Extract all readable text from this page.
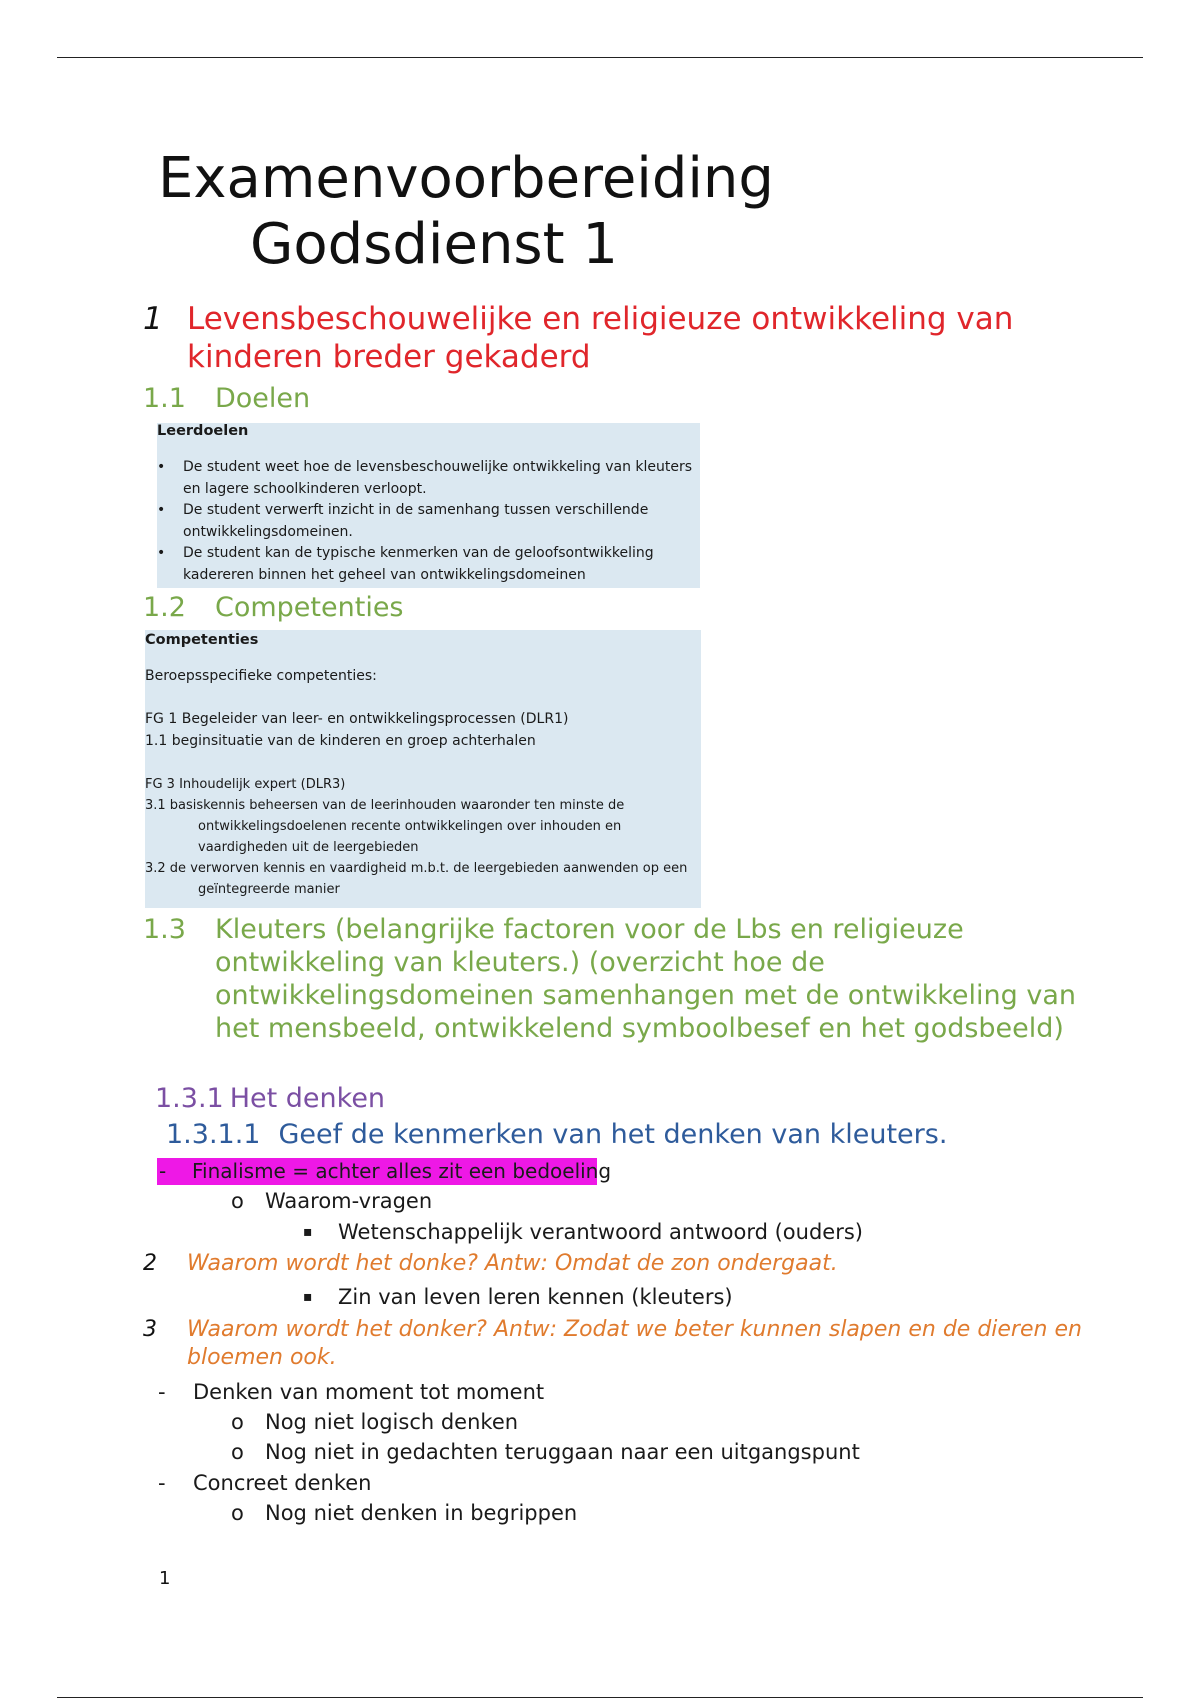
Examenvoorbereiding
Godsdienst 1
1 Levensbeschouwelijke en religieuze ontwikkeling van kinderen breder gekaderd
1.1 Doelen
Leerdoelen
• De student weet hoe de levensbeschouwelijke ontwikkeling van kleuters en lagere schoolkinderen verloopt.
• De student verwerft inzicht in de samenhang tussen verschillende ontwikkelingsdomeinen.
• De student kan de typische kenmerken van de geloofsontwikkeling kadereren binnen het geheel van ontwikkelingsdomeinen
1.2 Competenties
Competenties
Beroepsspecifieke competenties:
FG 1 Begeleider van leer- en ontwikkelingsprocessen (DLR1)
1.1 beginsituatie van de kinderen en groep achterhalen
FG 3 Inhoudelijk expert (DLR3)
3.1 basiskennis beheersen van de leerinhouden waaronder ten minste de
ontwikkelingsdoelenen recente ontwikkelingen over inhouden en
vaardigheden uit de leergebieden
3.2 de verworven kennis en vaardigheid m.b.t. de leergebieden aanwenden op een
geïntegreerde manier
1.3 Kleuters (belangrijke factoren voor de Lbs en religieuze ontwikkeling van kleuters.) (overzicht hoe de ontwikkelingsdomeinen samenhangen met de ontwikkeling van het mensbeeld, ontwikkelend symboolbesef en het godsbeeld)
1.3.1 Het denken
1.3.1.1 Geef de kenmerken van het denken van kleuters.
- Finalisme = achter alles zit een bedoeling
o Waarom-vragen
▪ Wetenschappelijk verantwoord antwoord (ouders)
2 Waarom wordt het donke? Antw: Omdat de zon ondergaat.
▪ Zin van leven leren kennen (kleuters)
3 Waarom wordt het donker? Antw: Zodat we beter kunnen slapen en de dieren en bloemen ook.
- Denken van moment tot moment
o Nog niet logisch denken
o Nog niet in gedachten teruggaan naar een uitgangspunt
- Concreet denken
o Nog niet denken in begrippen
1
